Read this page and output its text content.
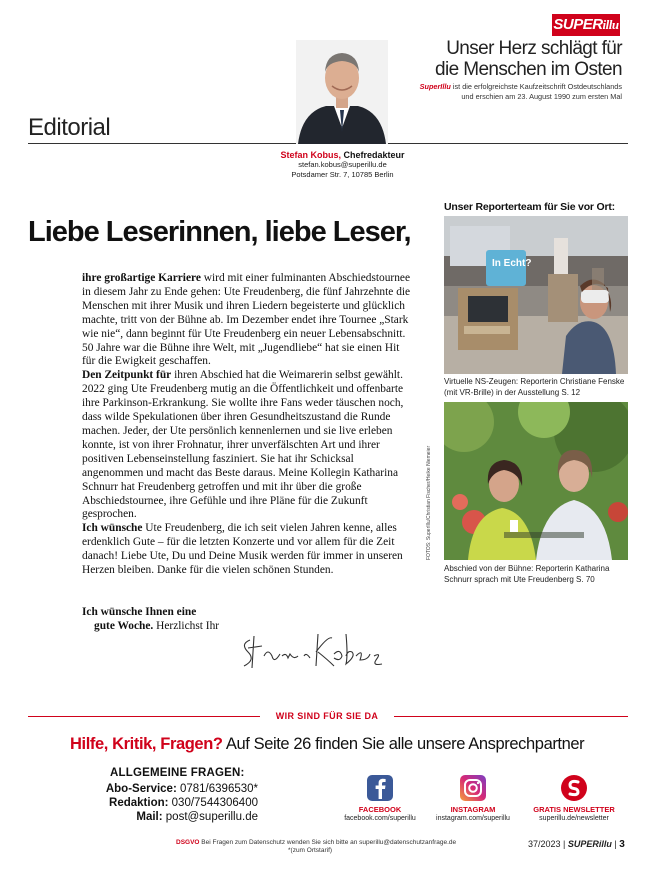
SUPERillu
Unser Herz schlägt für
die Menschen im Osten
SuperIllu ist die erfolgreichste Kaufzeitschrift Ostdeutschlands
und erschien am 23. August 1990 zum ersten Mal
Editorial
Stefan Kobus, Chefredakteur
stefan.kobus@superillu.de
Potsdamer Str. 7, 10785 Berlin
Unser Reporterteam für Sie vor Ort:
Liebe Leserinnen, liebe Leser,

ihre großartige Karriere wird mit einer fulminanten Abschiedstournee in diesem Jahr zu Ende gehen: Ute Freudenberg, die fünf Jahrzehnte die Menschen mit ihrer Musik und ihren Liedern begeisterte und glücklich machte, tritt von der Bühne ab. Im Dezember endet ihre Tournee „Stark wie nie“, dann beginnt für Ute Freudenberg ein neuer Lebensabschnitt. 50 Jahre war die Bühne ihre Welt, mit „Jugendliebe“ hat sie einen Hit für die Ewigkeit geschaffen.

Den Zeitpunkt für ihren Abschied hat die Weimarerin selbst gewählt. 2022 ging Ute Freudenberg mutig an die Öffentlichkeit und offenbarte ihre Parkinson-Erkrankung. Sie wollte ihre Fans weder täuschen noch, dass wilde Spekulationen über ihren Gesundheitszustand die Runde machen. Jeder, der Ute persönlich kennenlernen und sie live erleben konnte, ist von ihrer Frohnatur, ihrer unverfälschten Art und ihrer positiven Lebenseinstellung fasziniert. Sie hat ihr Schicksal angenommen und macht das Beste daraus. Meine Kollegin Katharina Schnurr hat Freudenberg getroffen und mit ihr über die große Abschiedstournee, ihre Gefühle und ihre Pläne für die Zukunft gesprochen.

Ich wünsche Ute Freudenberg, die ich seit vielen Jahren kenne, alles erdenklich Gute – für die letzten Konzerte und vor allem für die Zeit danach! Liebe Ute, Du und Deine Musik werden für immer in unseren Herzen bleiben. Danke für die vielen schönen Stunden.

Ich wünsche Ihnen eine
gute Woche. Herzlichst Ihr
In Echt?
Virtuelle NS-Zeugen: Reporterin Christiane Fenske (mit VR-Brille) in der Ausstellung S. 12
FOTOS: SuperIllu/Christian Fischer/Heike Niemeier
Abschied von der Bühne: Reporterin Katharina Schnurr sprach mit Ute Freudenberg S. 70
WIR SIND FÜR SIE DA
Hilfe, Kritik, Fragen? Auf Seite 26 finden Sie alle unsere Ansprechpartner
ALLGEMEINE FRAGEN:
Abo-Service: 0781/6396530*
Redaktion: 030/7544306400
Mail: post@superillu.de
FACEBOOK
facebook.com/superillu
INSTAGRAM
instagram.com/superillu
GRATIS NEWSLETTER
superillu.de/newsletter
DSGVO Bei Fragen zum Datenschutz wenden Sie sich bitte an superillu@datenschutzanfrage.de
*(zum Ortstarif)
37/2023 | SUPERillu | 3
